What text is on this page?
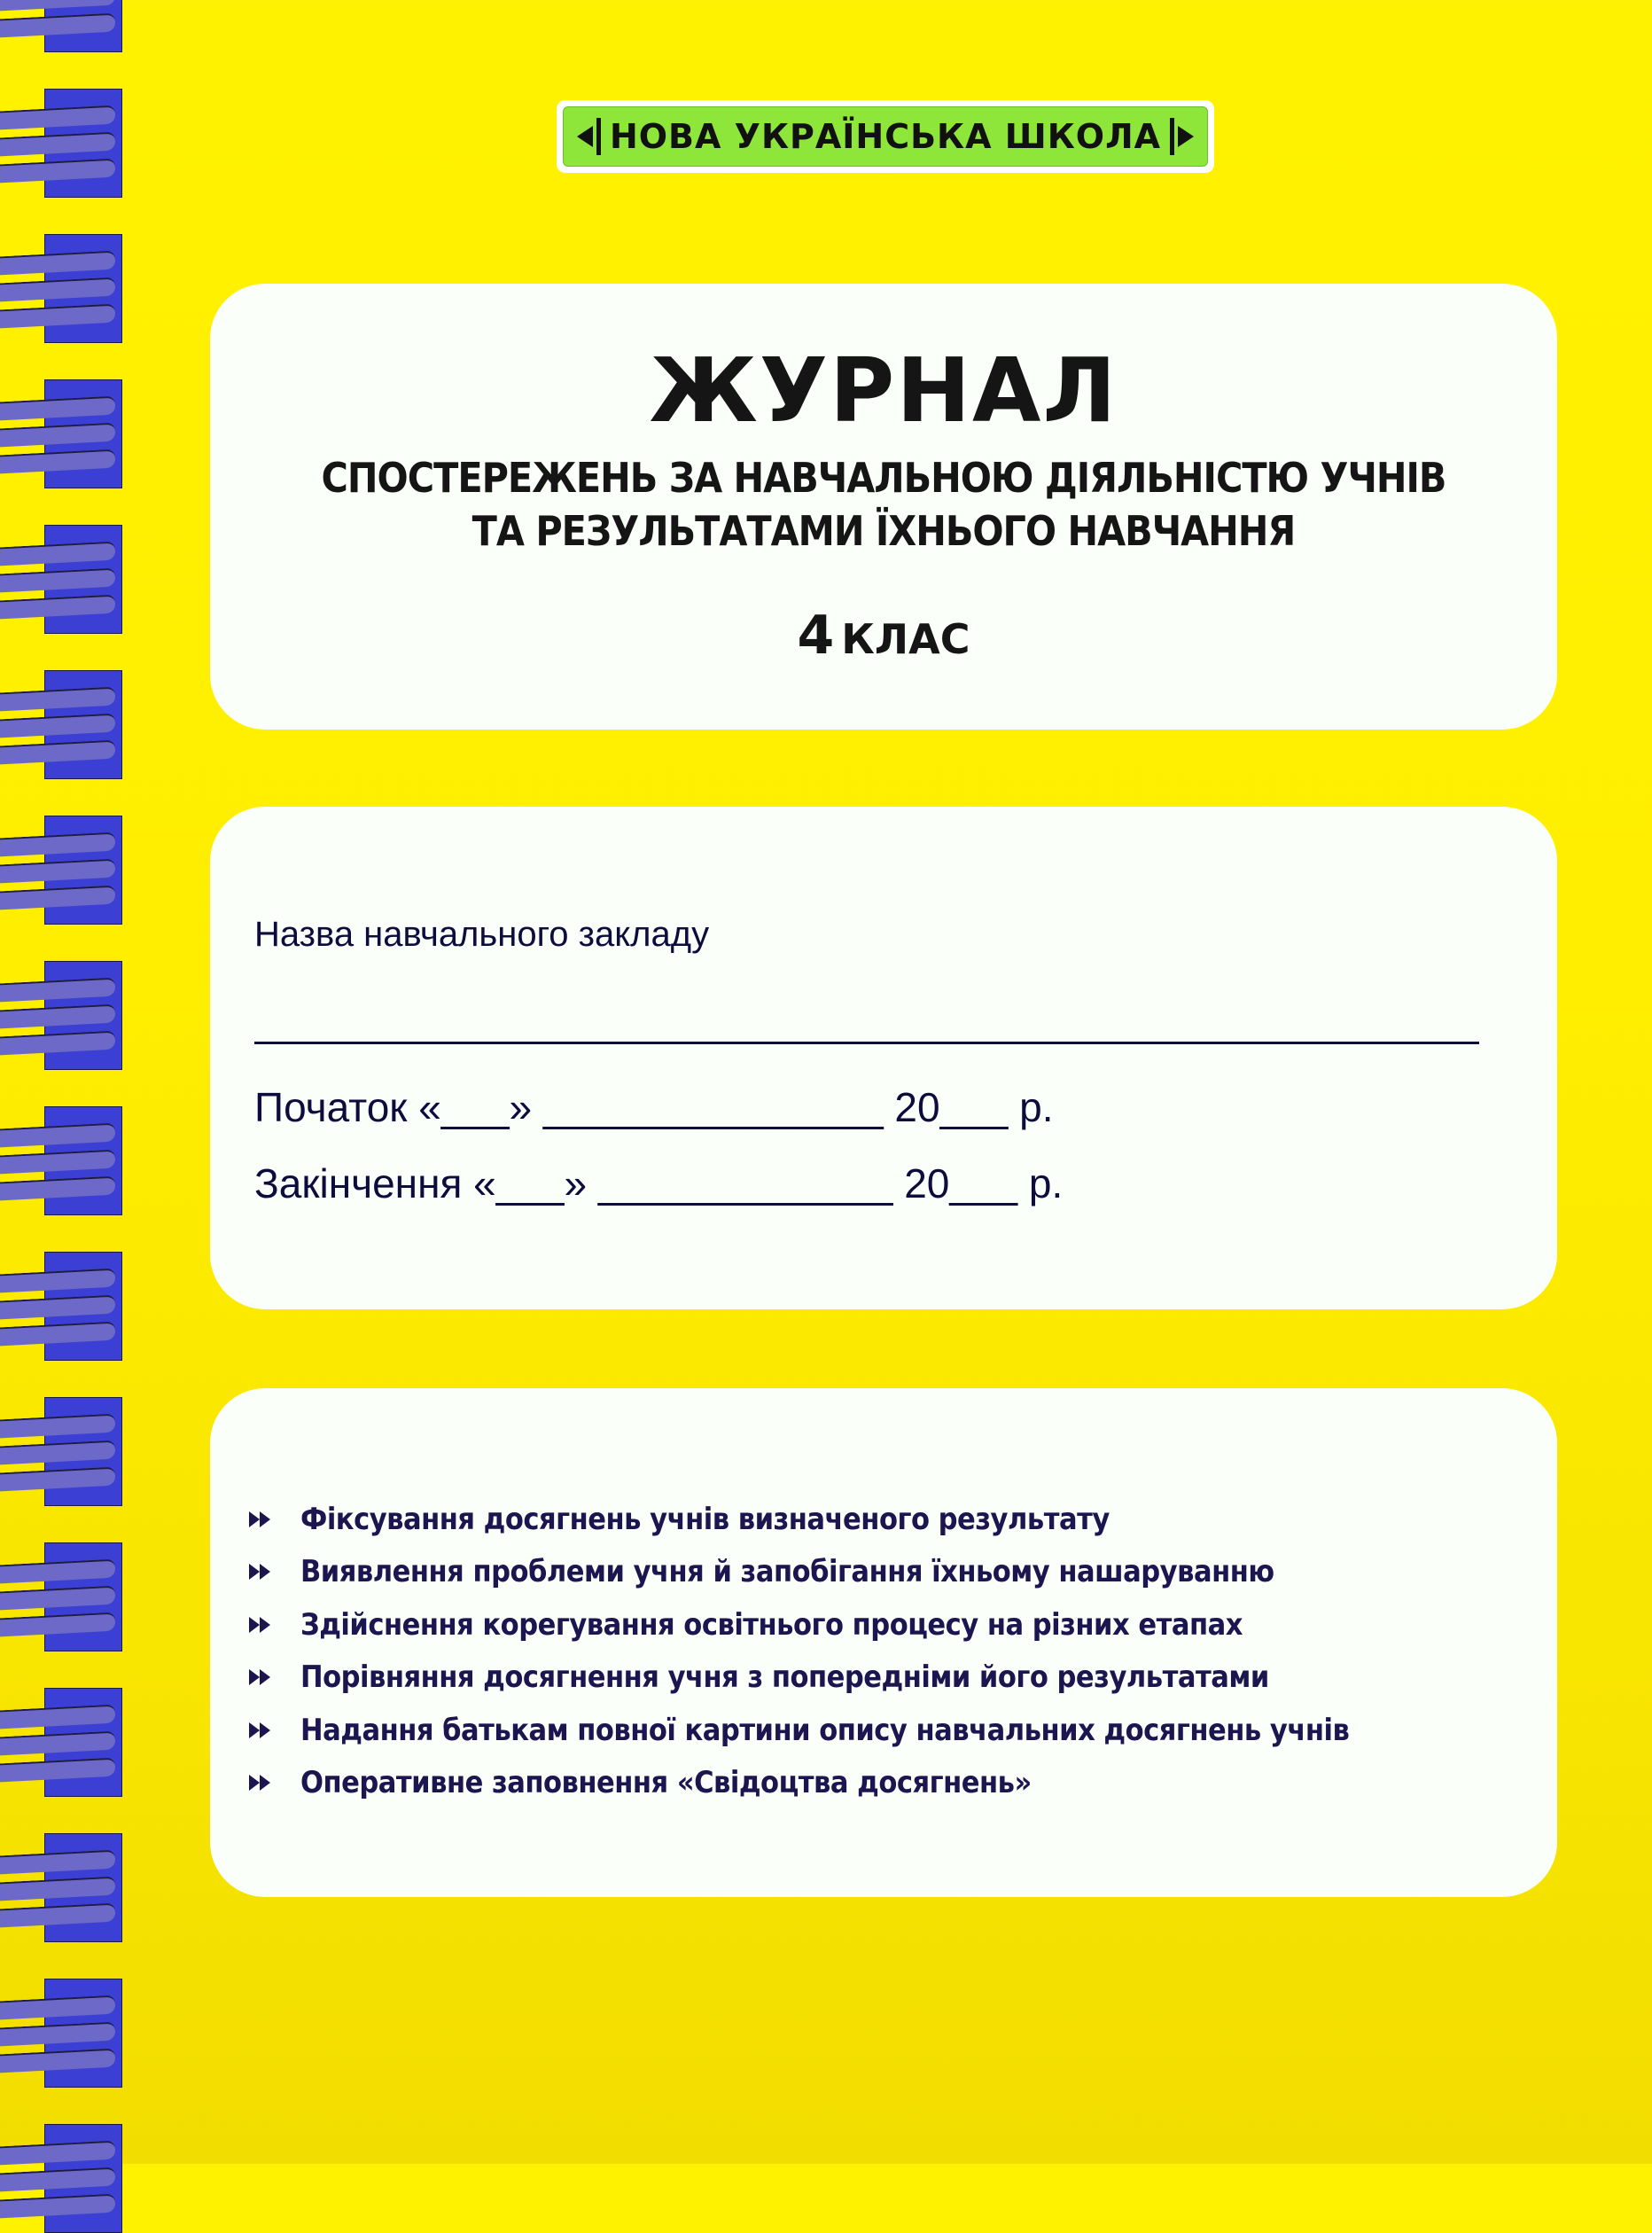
НОВА УКРАЇНСЬКА ШКОЛА
ЖУРНАЛ
СПОСТЕРЕЖЕНЬ ЗА НАВЧАЛЬНОЮ ДІЯЛЬНІСТЮ УЧНІВ
ТА РЕЗУЛЬТАТАМИ ЇХНЬОГО НАВЧАННЯ
4 КЛАС
Назва навчального закладу
Початок «___» _______________ 20___ р.
Закінчення «___» _____________ 20___ р.
Фіксування досягнень учнів визначеного результату
Виявлення проблеми учня й запобігання їхньому нашаруванню
Здійснення корегування освітнього процесу на різних етапах
Порівняння досягнення учня з попередніми його результатами
Надання батькам повної картини опису навчальних досягнень учнів
Оперативне заповнення «Свідоцтва досягнень»
